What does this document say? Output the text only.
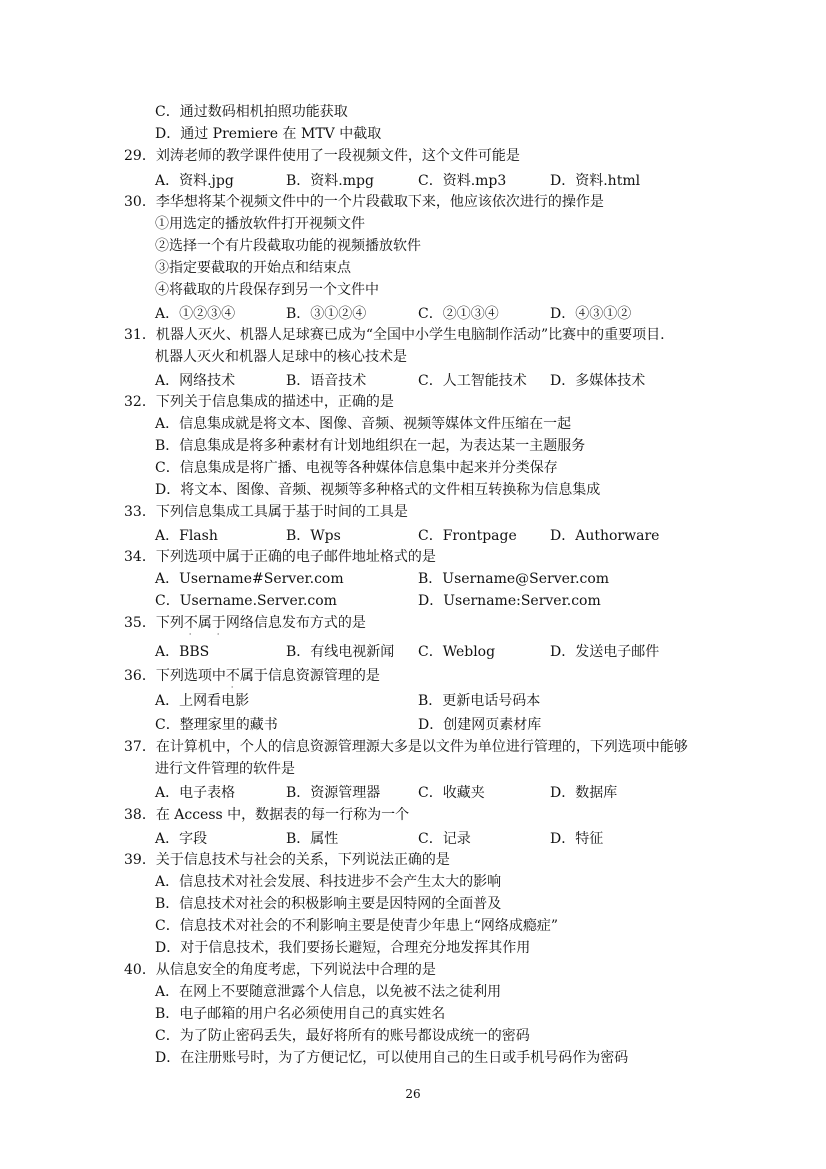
C．通过数码相机拍照功能获取
D．通过 Premiere 在 MTV 中截取
29．刘涛老师的教学课件使用了一段视频文件，这个文件可能是
A．资料.jpg	B．资料.mpg	C．资料.mp3	D．资料.html
30．李华想将某个视频文件中的一个片段截取下来，他应该依次进行的操作是
①用选定的播放软件打开视频文件
②选择一个有片段截取功能的视频播放软件
③指定要截取的开始点和结束点
④将截取的片段保存到另一个文件中
A．①②③④	B．③①②④	C．②①③④	D．④③①②
31．机器人灭火、机器人足球赛已成为“全国中小学生电脑制作活动”比赛中的重要项目.
机器人灭火和机器人足球中的核心技术是
A．网络技术	B．语音技术	C．人工智能技术 D．多媒体技术
32．下列关于信息集成的描述中，正确的是
A．信息集成就是将文本、图像、音频、视频等媒体文件压缩在一起
B．信息集成是将多种素材有计划地组织在一起，为表达某一主题服务
C．信息集成是将广播、电视等各种媒体信息集中起来并分类保存
D．将文本、图像、音频、视频等多种格式的文件相互转换称为信息集成
33．下列信息集成工具属于基于时间的工具是
A．Flash	B．Wps	C．Frontpage D．Authorware
34．下列选项中属于正确的电子邮件地址格式的是
A．Username#Server.com	B．Username@Server.com
C．Username.Server.com	D．Username:Server.com
35．下列不属于
·	·
网络信息发布方式的是
A．BBS	B．有线电视新闻 C．Weblog	D．发送电子邮件
36．下列选项中不
·
属于信息资源管理的是
A．上网看电影	B．更新电话号码本
C．整理家里的藏书	D．创建网页素材库
37．在计算机中，个人的信息资源管理源大多是以文件为单位进行管理的，下列选项中能够
进行文件管理的软件是
A．电子表格	B．资源管理器	C．收藏夹	D．数据库
38．在 Access 中，数据表的每一行称为一个
A．字段	B．属性	C．记录	D．特征
39．关于信息技术与社会的关系，下列说法正确的是
A．信息技术对社会发展、科技进步不会产生太大的影响
B．信息技术对社会的积极影响主要是因特网的全面普及
C．信息技术对社会的不利影响主要是使青少年患上“网络成瘾症”
D．对于信息技术，我们要扬长避短，合理充分地发挥其作用
40．从信息安全的角度考虑，下列说法中合理的是
A．在网上不要随意泄露个人信息，以免被不法之徒利用
B．电子邮箱的用户名必须使用自己的真实姓名
C．为了防止密码丢失，最好将所有的账号都设成统一的密码
D．在注册账号时，为了方便记忆，可以使用自己的生日或手机号码作为密码
26
